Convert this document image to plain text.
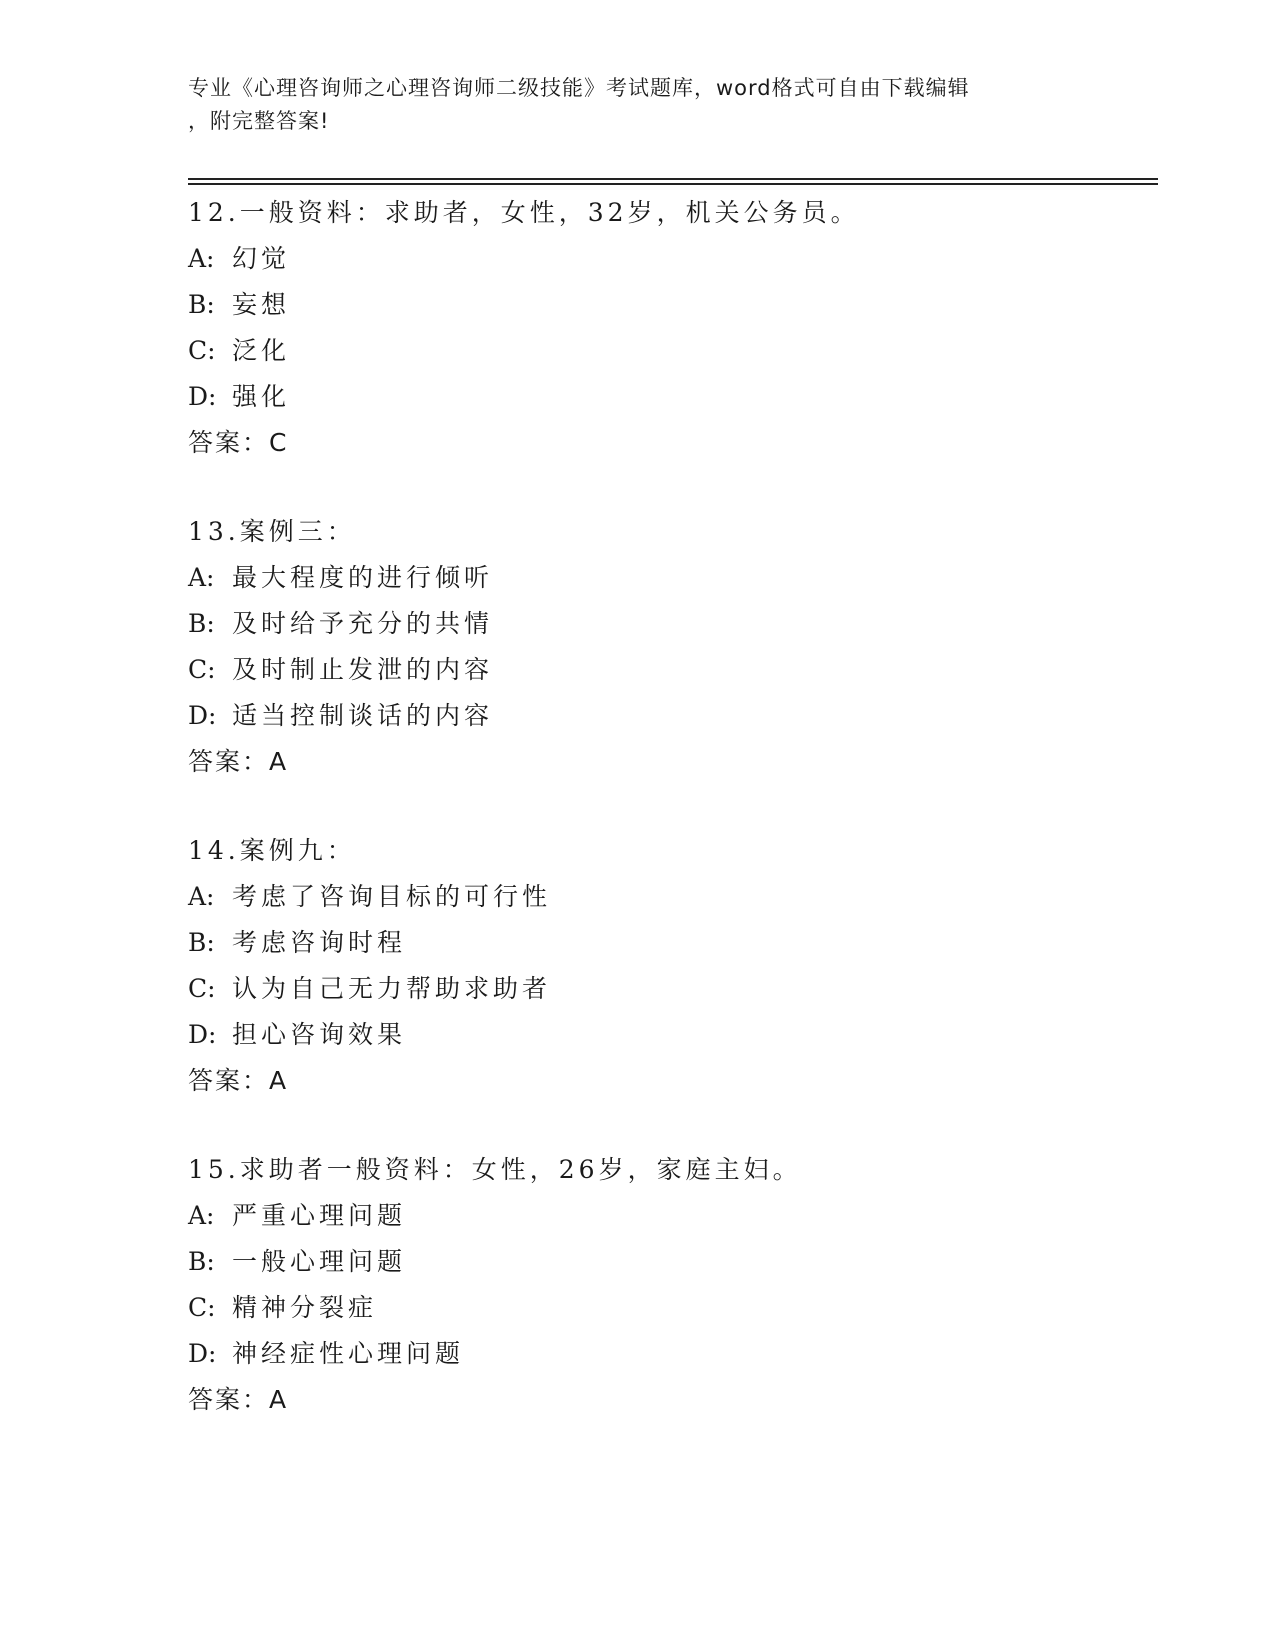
专业《心理咨询师之心理咨询师二级技能》考试题库，word格式可自由下载编辑
，附完整答案!
12.一般资料：求助者，女性，32岁，机关公务员。
A: 幻觉
B: 妄想
C: 泛化
D: 强化
答案：C
13.案例三：
A: 最大程度的进行倾听
B: 及时给予充分的共情
C: 及时制止发泄的内容
D: 适当控制谈话的内容
答案：A
14.案例九：
A: 考虑了咨询目标的可行性
B: 考虑咨询时程
C: 认为自己无力帮助求助者
D: 担心咨询效果
答案：A
15.求助者一般资料：女性，26岁，家庭主妇。
A: 严重心理问题
B: 一般心理问题
C: 精神分裂症
D: 神经症性心理问题
答案：A
